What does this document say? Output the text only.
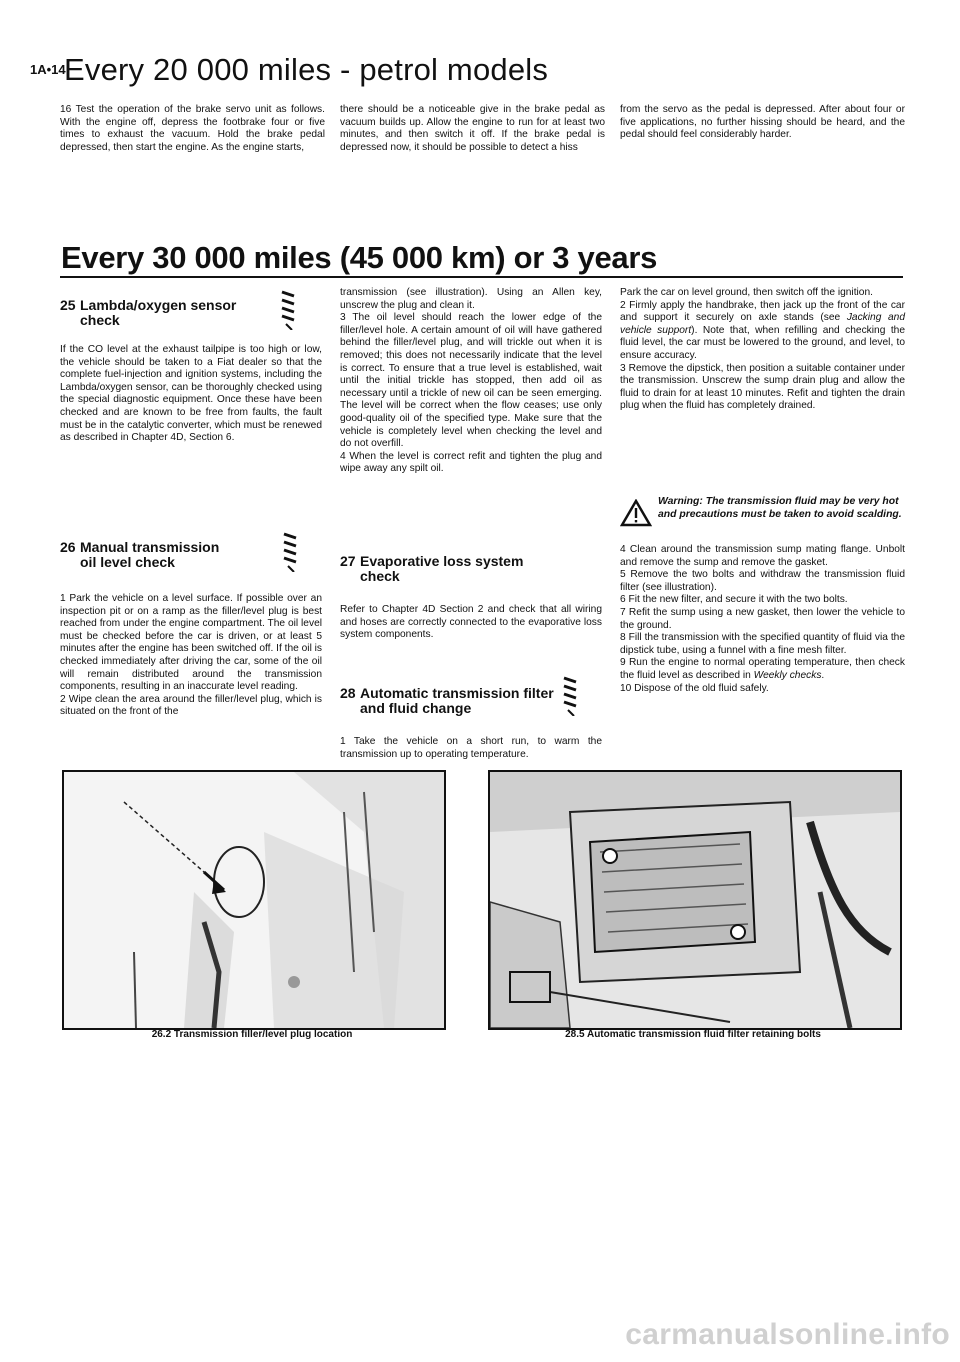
1A•14
Every 20 000 miles - petrol models

16 Test the operation of the brake servo unit as follows. With the engine off, depress the footbrake four or five times to exhaust the vacuum. Hold the brake pedal depressed, then start the engine. As the engine starts,

there should be a noticeable give in the brake pedal as vacuum builds up. Allow the engine to run for at least two minutes, and then switch it off. If the brake pedal is depressed now, it should be possible to detect a hiss

from the servo as the pedal is depressed. After about four or five applications, no further hissing should be heard, and the pedal should feel considerably harder.

Every 30 000 miles (45 000 km) or 3 years
25 Lambda/oxygen sensor
check

If the CO level at the exhaust tailpipe is too high or low, the vehicle should be taken to a Fiat dealer so that the complete fuel-injection and ignition systems, including the Lambda/oxygen sensor, can be thoroughly checked using the special diagnostic equipment. Once these have been checked and are known to be free from faults, the fault must be in the catalytic converter, which must be renewed as described in Chapter 4D, Section 6.

26 Manual transmission
oil level check

1 Park the vehicle on a level surface. If possible over an inspection pit or on a ramp as the filler/level plug is best reached from under the engine compartment. The oil level must be checked before the car is driven, or at least 5 minutes after the engine has been switched off. If the oil is checked immediately after driving the car, some of the oil will remain distributed around the transmission components, resulting in an inaccurate level reading.
2 Wipe clean the area around the filler/level plug, which is situated on the front of the

transmission (see illustration). Using an Allen key, unscrew the plug and clean it.
3 The oil level should reach the lower edge of the filler/level hole. A certain amount of oil will have gathered behind the filler/level plug, and will trickle out when it is removed; this does not necessarily indicate that the level is correct. To ensure that a true level is established, wait until the initial trickle has stopped, then add oil as necessary until a trickle of new oil can be seen emerging. The level will be correct when the flow ceases; use only good-quality oil of the specified type. Make sure that the vehicle is completely level when checking the level and do not overfill.
4 When the level is correct refit and tighten the plug and wipe away any spilt oil.

27 Evaporative loss system
check

Refer to Chapter 4D Section 2 and check that all wiring and hoses are correctly connected to the evaporative loss system components.

28 Automatic transmission filter
and fluid change

1 Take the vehicle on a short run, to warm the transmission up to operating temperature.

Park the car on level ground, then switch off the ignition.
2 Firmly apply the handbrake, then jack up the front of the car and support it securely on axle stands (see Jacking and vehicle support). Note that, when refilling and checking the fluid level, the car must be lowered to the ground, and level, to ensure accuracy.
3 Remove the dipstick, then position a suitable container under the transmission. Unscrew the sump drain plug and allow the fluid to drain for at least 10 minutes. Refit and tighten the drain plug when the fluid has completely drained.

Warning: The transmission fluid may be very hot and precautions must be taken to avoid scalding.

4 Clean around the transmission sump mating flange. Unbolt and remove the sump and remove the gasket.
5 Remove the two bolts and withdraw the transmission fluid filter (see illustration).
6 Fit the new filter, and secure it with the two bolts.
7 Refit the sump using a new gasket, then lower the vehicle to the ground.
8 Fill the transmission with the specified quantity of fluid via the dipstick tube, using a funnel with a fine mesh filter.
9 Run the engine to normal operating temperature, then check the fluid level as described in Weekly checks.
10 Dispose of the old fluid safely.

26.2 Transmission filler/level plug location	28.5 Automatic transmission fluid filter retaining bolts
carmanualsonline.info
